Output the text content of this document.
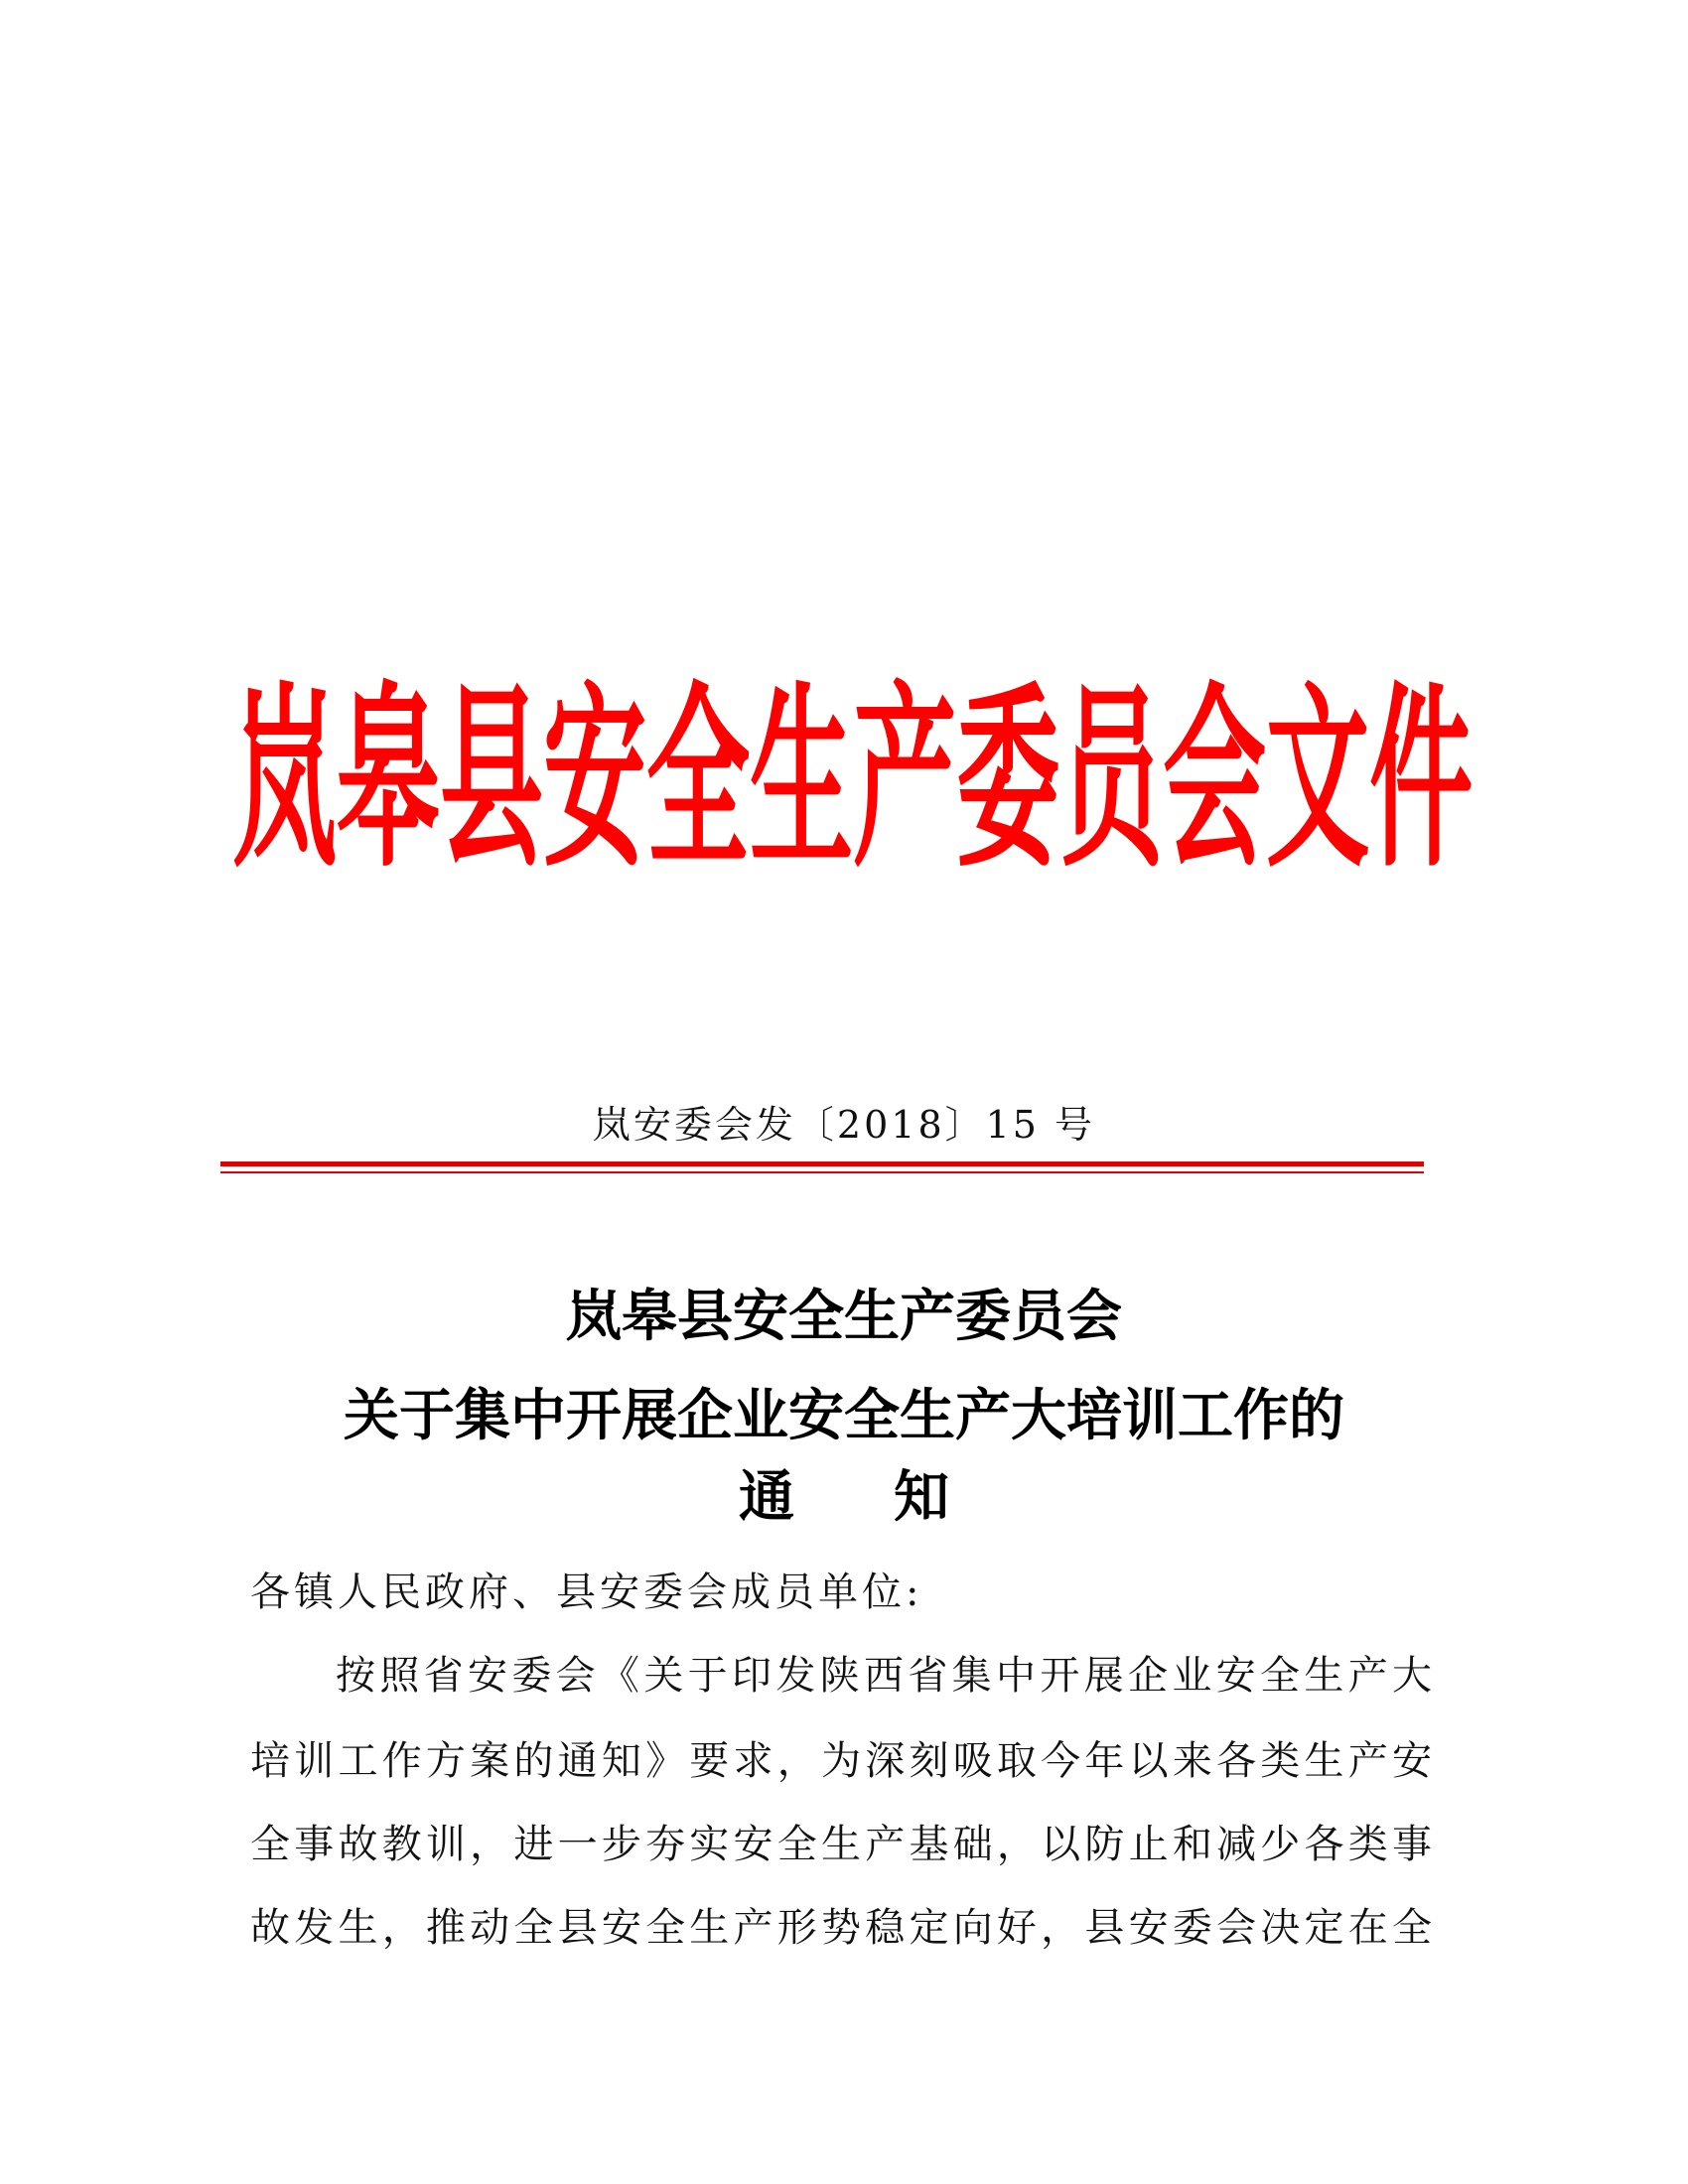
岚 皋 县 安 全 生 产 委 员 会 文 件
岚安委会发〔2018〕15 号
岚皋县安全生产委员会
关于集中开展企业安全生产大培训工作的
通知
各镇人民政府、县安委会成员单位:
按照省安委会《关于印发陕西省集中开展企业安全生产大
培训工作方案的通知》要求，为深刻吸取今年以来各类生产安
全事故教训，进一步夯实安全生产基础，以防止和减少各类事
故发生，推动全县安全生产形势稳定向好，县安委会决定在全
